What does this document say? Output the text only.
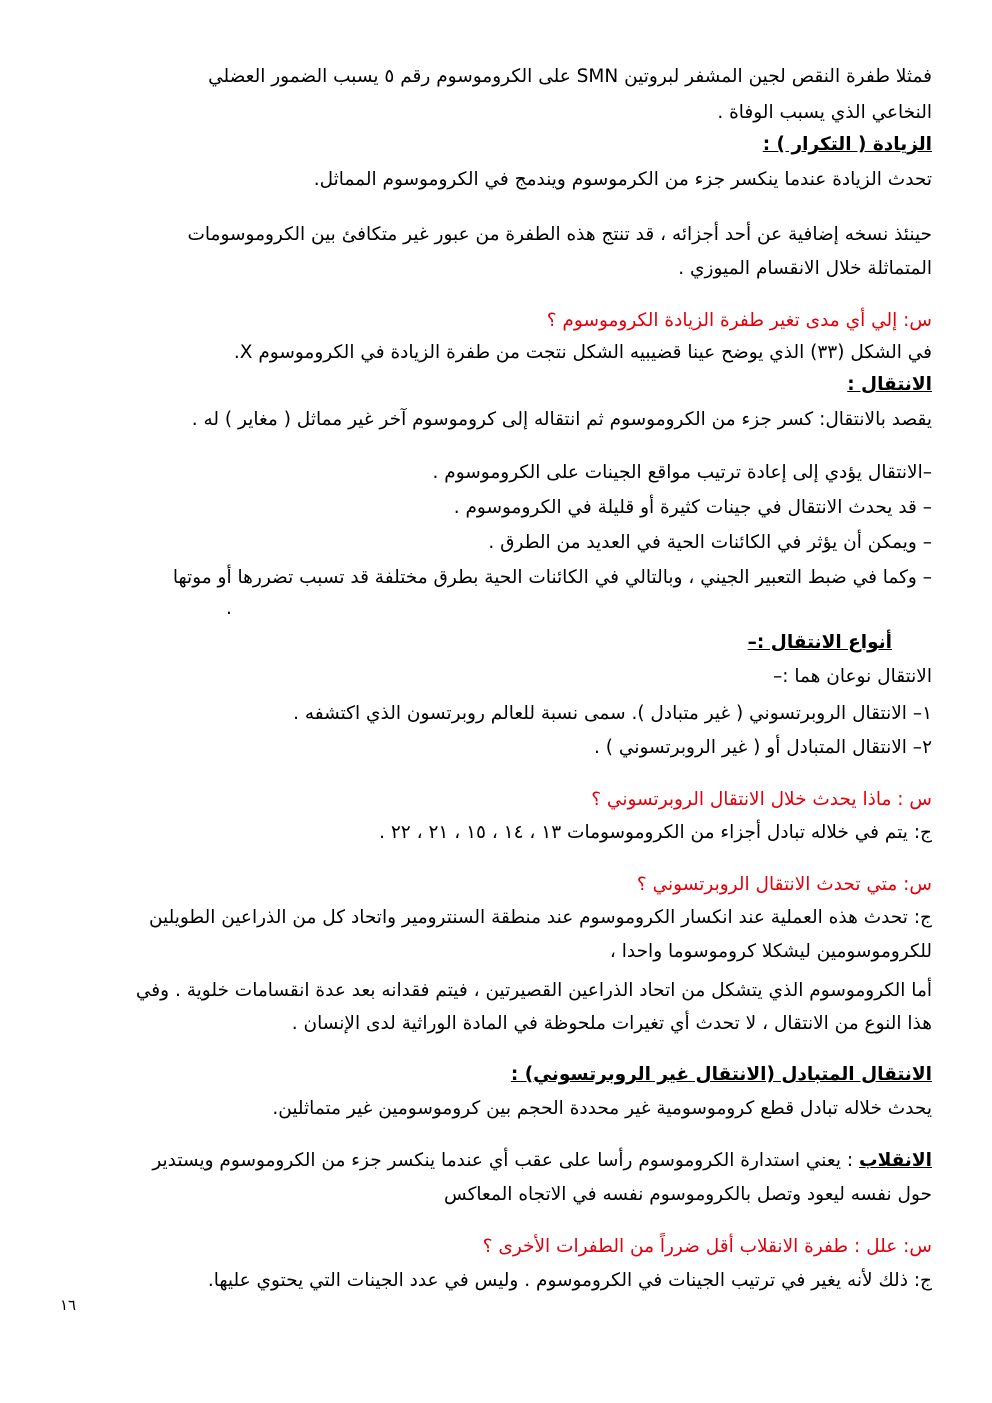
فمثلا طفرة النقص لجين المشفر لبروتين SMN على الكروموسوم رقم ٥ يسبب الضمور العضلي
النخاعي الذي يسبب الوفاة .
الزيادة ( التكرار ) :
تحدث الزيادة عندما ينكسر جزء من الكرموسوم ويندمج في الكروموسوم المماثل.
حينئذ نسخه إضافية عن أحد أجزائه ، قد تنتج هذه الطفرة من عبور غير متكافئ بين الكروموسومات
المتماثلة خلال الانقسام الميوزي .
س: إلي أي مدى تغير طفرة الزيادة الكروموسوم ؟
في الشكل (٣٣) الذي يوضح عينا قضيبيه الشكل نتجت من طفرة الزيادة في الكروموسوم X.
الانتقال :
يقصد بالانتقال: كسر جزء من الكروموسوم ثم انتقاله إلى كروموسوم آخر غير مماثل ( مغاير ) له .
–الانتقال يؤدي إلى إعادة ترتيب مواقع الجينات على الكروموسوم .
– قد يحدث الانتقال في جينات كثيرة أو قليلة في الكروموسوم .
– ويمكن أن يؤثر في الكائنات الحية في العديد من الطرق .
– وكما في ضبط التعبير الجيني ، وبالتالي في الكائنات الحية بطرق مختلفة قد تسبب تضررها أو موتها
.
أنواع الانتقال :–
الانتقال نوعان هما :–
١– الانتقال الروبرتسوني ( غير متبادل ). سمى نسبة للعالم روبرتسون الذي اكتشفه .
٢– الانتقال المتبادل أو ( غير الروبرتسوني ) .
س : ماذا يحدث خلال الانتقال الروبرتسوني ؟
ج: يتم في خلاله تبادل أجزاء من الكروموسومات ١٣ ، ١٤ ، ١٥ ، ٢١ ، ٢٢ .
س: متي تحدث الانتقال الروبرتسوني ؟
ج: تحدث هذه العملية عند انكسار الكروموسوم عند منطقة السنترومير واتحاد كل من الذراعين الطويلين
للكروموسومين ليشكلا كروموسوما واحدا ،
أما الكروموسوم الذي يتشكل من اتحاد الذراعين القصيرتين ، فيتم فقدانه بعد عدة انقسامات خلوية . وفي
هذا النوع من الانتقال ، لا تحدث أي تغيرات ملحوظة في المادة الوراثية لدى الإنسان .
الانتقال المتبادل (الانتقال غير الروبرتسوني) :
يحدث خلاله تبادل قطع كروموسومية غير محددة الحجم بين كروموسومين غير متماثلين.
الانقلاب : يعني استدارة الكروموسوم رأسا على عقب أي عندما ينكسر جزء من الكروموسوم ويستدير
حول نفسه ليعود وتصل بالكروموسوم نفسه في الاتجاه المعاكس
س: علل : طفرة الانقلاب أقل ضرراً من الطفرات الأخرى ؟
ج: ذلك لأنه يغير في ترتيب الجينات في الكروموسوم . وليس في عدد الجينات التي يحتوي عليها.
١٦
